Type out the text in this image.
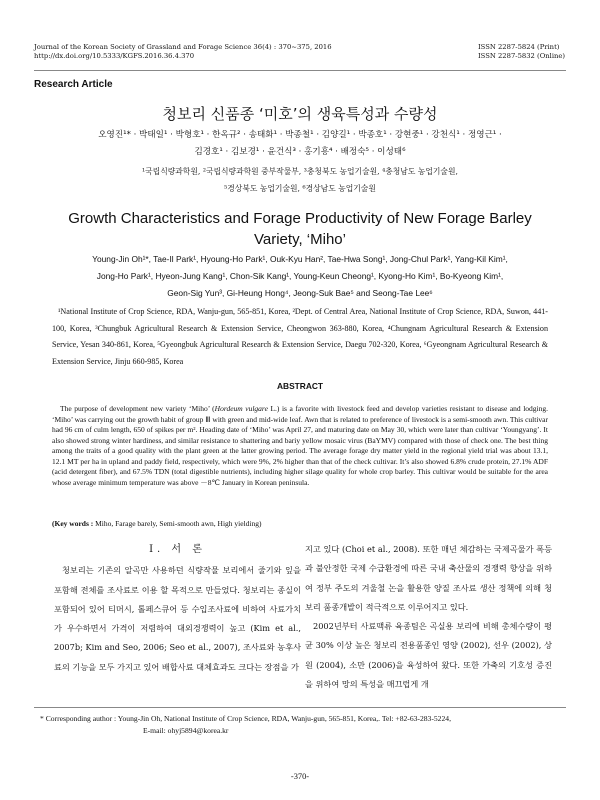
Journal of the Korean Society of Grassland and Forage Science 36(4) : 370~375, 2016
http://dx.doi.org/10.5333/KGFS.2016.36.4.370
ISSN 2287-5824 (Print)
ISSN 2287-5832 (Online)
Research Article
청보리 신품종 ‘미호’의 생육특성과 수량성
오영진¹* · 박태일¹ · 박형호¹ · 한옥규² · 송태화¹ · 박종철¹ · 김양길¹ · 박종호¹ · 강현중¹ · 강천식¹ · 정영근¹ ·
김경호¹ · 김보경¹ · 윤건식³ · 홍기흥⁴ · 배정숙⁵ · 이성태⁶
¹국립식량과학원, ²국립식량과학원 중부작물부, ³충청북도 농업기술원, ⁴충청남도 농업기술원,
⁵경상북도 농업기술원, ⁶경상남도 농업기술원
Growth Characteristics and Forage Productivity of New Forage Barley
Variety, ‘Miho’
Young-Jin Oh¹*, Tae-Il Park¹, Hyoung-Ho Park¹, Ouk-Kyu Han², Tae-Hwa Song¹, Jong-Chul Park¹, Yang-Kil Kim¹,
Jong-Ho Park¹, Hyeon-Jung Kang¹, Chon-Sik Kang¹, Young-Keun Cheong¹, Kyong-Ho Kim¹, Bo-Kyeong Kim¹,
Geon-Sig Yun³, Gi-Heung Hong⁴, Jeong-Suk Bae⁵ and Seong-Tae Lee⁶
¹National Institute of Crop Science, RDA, Wanju-gun, 565-851, Korea, ²Dept. of Central Area, National Institute of Crop Science, RDA, Suwon, 441-100, Korea, ³Chungbuk Agricultural Research & Extension Service, Cheongwon 363-880, Korea, ⁴Chungnam Agricultural Research & Extension Service, Yesan 340-861, Korea, ⁵Gyeongbuk Agricultural Research & Extension Service, Daegu 702-320, Korea, ⁶Gyeongnam Agricultural Research & Extension Service, Jinju 660-985, Korea
ABSTRACT
The purpose of development new variety ‘Miho’ (Hordeum vulgare L.) is a favorite with livestock feed and develop varieties resistant to disease and lodging. ‘Miho’ was carrying out the growth habit of group Ⅲ with green and mid-wide leaf. Awn that is related to preference of livestock is a semi-smooth awn. This cultivar had 96 cm of culm length, 650 of spikes per m². Heading date of ‘Miho’ was April 27, and maturing date on May 30, which were later than cultivar ‘Youngyang’. It also showed strong winter hardiness, and similar resistance to shattering and bariy yellow mosaic virus (BaYMV) compared with those of check one. The best thing among the traits of a good quality with the plant green at the latter growing period. The average forage dry matter yield in the regional yield trial was about 13.1, 12.1 MT per ha in upland and paddy field, respectively, which were 9%, 2% higher than that of the check cultivar. It’s also showed 6.8% crude protein, 27.1% ADF (acid detergent fiber), and 67.5% TDN (total digestible nutrients), including higher silage quality for whole crop barley. This cultivar would be suitable for the area whose average minimum temperature was above －8℃ January in Korean peninsula.
(Key words : Miho, Farage barely, Semi-smooth awn, High yielding)
Ⅰ. 서 론

청보리는 기존의 알곡만 사용하던 식량작물 보리에서 줄기와 잎을 포함해 전체를 조사료로 이용 할 목적으로 만들었다. 청보리는 종실이 포함되어 있어 티머시, 톨페스큐어 등 수입조사료에 비하여 사료가치가 우수하면서 가격이 저렴하여 대외경쟁력이 높고 (Kim et al., 2007b; Kim and Seo, 2006; Seo et al., 2007), 조사료와 농후사료의 기능을 모두 가지고 있어 배합사료 대체효과도 크다는 장점을 가

지고 있다 (Choi et al., 2008). 또한 매년 체감하는 국제곡물가 폭등과 불안정한 국제 수급환경에 따른 국내 축산물의 경쟁력 향상을 위하여 정부 주도의 겨울철 논을 활용한 양질 조사료 생산 정책에 의해 청보리 품종개발이 적극적으로 이루어지고 있다.

2002년부터 사료맥류 육종팀은 곡실용 보리에 비해 총체수량이 평균 30% 이상 높은 청보리 전용품종인 영양 (2002), 선우 (2002), 상원 (2004), 소만 (2006)을 육성하여 왔다. 또한 가축의 기호성 증진을 위하여 망의 특성을 매끄럽게 개

* Corresponding author : Young-Jin Oh, National Institute of Crop Science, RDA, Wanju-gun, 565-851, Korea,. Tel: +82-63-283-5224,
E-mail: ohyj5894@korea.kr
-370-
